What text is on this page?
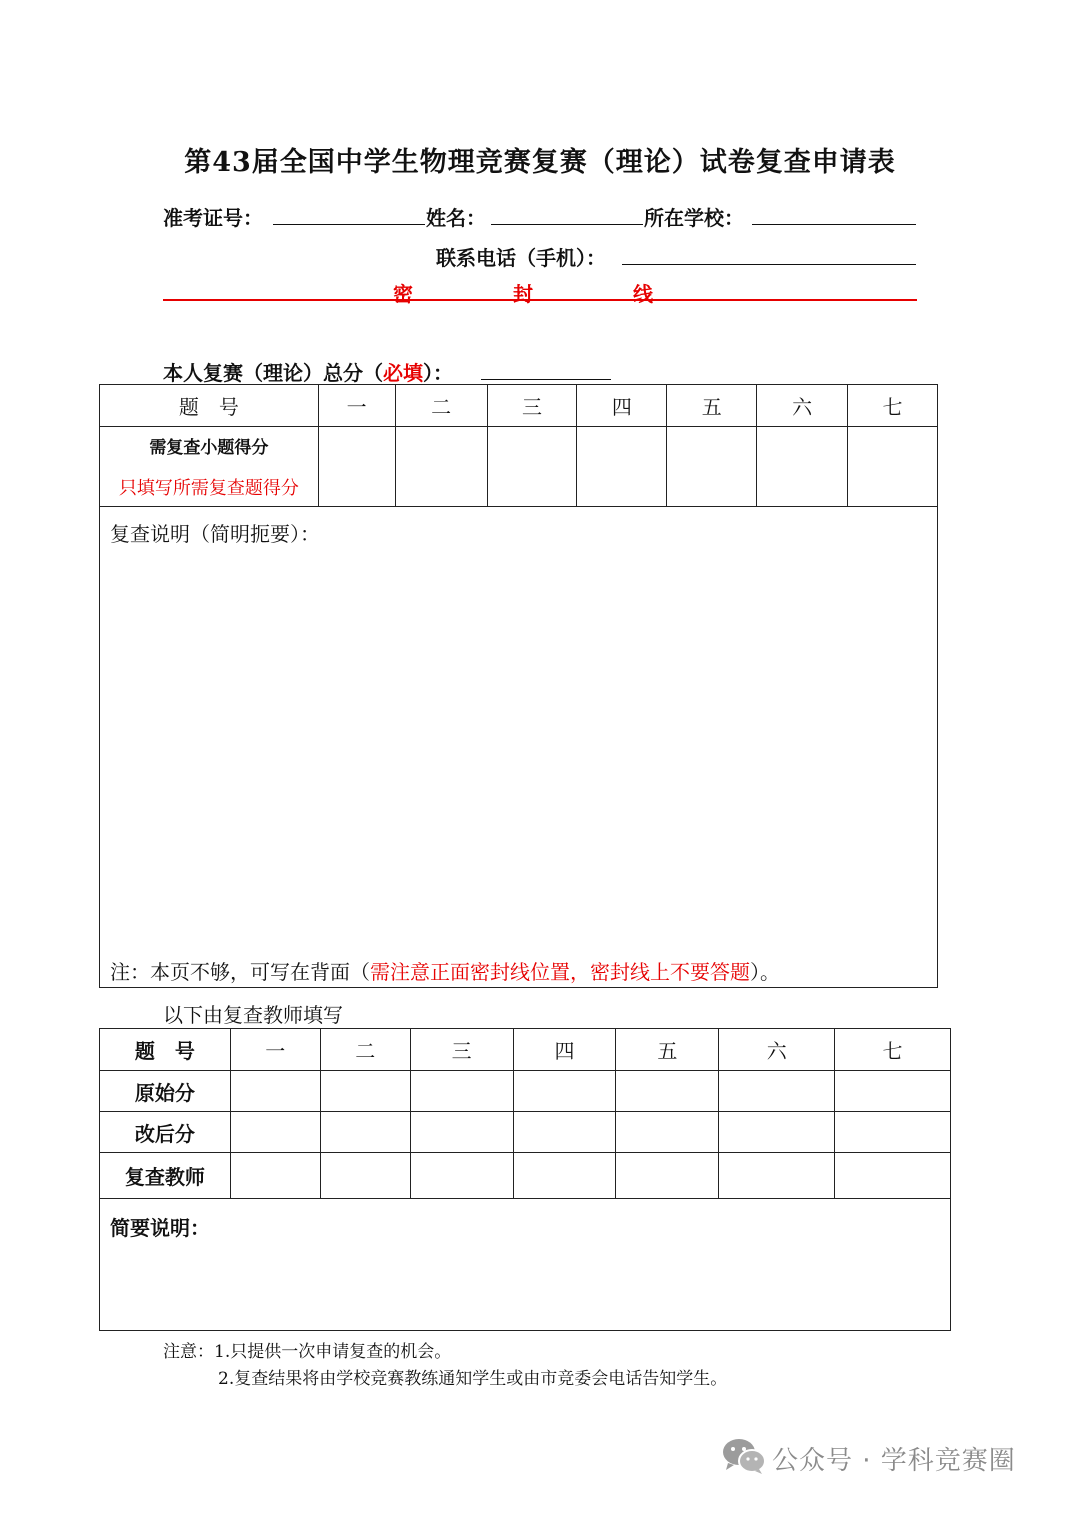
第43届全国中学生物理竞赛复赛（理论）试卷复查申请表
准考证号：	姓名：	所在学校：
联系电话（手机）：
密	封	线
本人复赛（理论）总分（必填）：
题　号	一	二	三	四	五	六	七

需复查小题得分
只填写所需复查题得分							

复查说明（简明扼要）：
注：本页不够，可写在背面（需注意正面密封线位置，密封线上不要答题）。
以下由复查教师填写
题　号	一	二	三	四	五	六	七
原始分							
改后分							
复查教师							
简要说明：
注意：1.只提供一次申请复查的机会。
2.复查结果将由学校竞赛教练通知学生或由市竞委会电话告知学生。
公众号 · 学科竞赛圈
